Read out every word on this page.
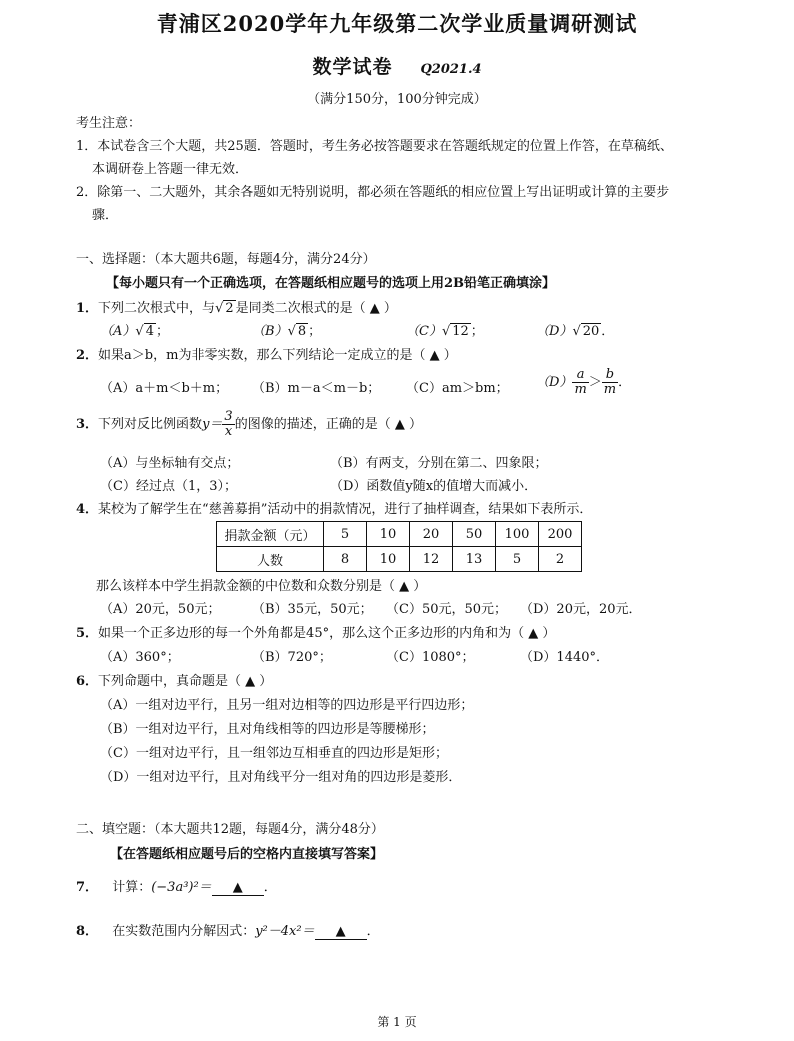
青浦区2020学年九年级第二次学业质量调研测试
数学试卷 Q2021.4
（满分150分，100分钟完成）
考生注意：
1．本试卷含三个大题，共25题．答题时，考生务必按答题要求在答题纸规定的位置上作答，在草稿纸、
本调研卷上答题一律无效．
2．除第一、二大题外，其余各题如无特别说明，都必须在答题纸的相应位置上写出证明或计算的主要步
骤．
一、选择题：（本大题共6题，每题4分，满分24分）
【每小题只有一个正确选项，在答题纸相应题号的选项上用2B铅笔正确填涂】
1．下列二次根式中，与√ 2 是同类二次根式的是（ ▲ ）
（A）√ 4 ；	（B）√ 8 ；	（C）√ 12 ；	（D）√ 20 ．
2．如果a＞b，m为非零实数，那么下列结论一定成立的是（ ▲ ）
（A）a＋m＜b＋m； （B）m－a＜m－b； （C）am＞bm； $(D) \frac{a}{m} > \frac{b}{m}$ ．
3．下列对反比例函数$y= \frac{3}{x}$ 的图像的描述，正确的是（ ▲ ）
（A）与坐标轴有交点；	（B）有两支，分别在第二、四象限；
（C）经过点（1，3）；	（D）函数值y随x的值增大而减小．
4．某校为了解学生在“慈善募捐”活动中的捐款情况，进行了抽样调查，结果如下表所示．
捐款金额（元）	5	10	20	50	100	200
人数	8	10	12	13	5	2
那么该样本中学生捐款金额的中位数和众数分别是（ ▲ ）
（A）20元，50元； （B）35元，50元； （C）50元，50元； （D）20元，20元．
5．如果一个正多边形的每一个外角都是45°，那么这个正多边形的内角和为（ ▲ ）
（A）360°；	（B）720°；	（C）1080°；	（D）1440°．
6．下列命题中，真命题是（ ▲ ）
（A）一组对边平行，且另一组对边相等的四边形是平行四边形；
（B）一组对边平行，且对角线相等的四边形是等腰梯形；
（C）一组对边平行，且一组邻边互相垂直的四边形是矩形；
（D）一组对边平行，且对角线平分一组对角的四边形是菱形．
二、填空题：（本大题共12题，每题4分，满分48分）
【在答题纸相应题号后的空格内直接填写答案】
7． 计算：(−3a³)²＝ ▲ ．
8． 在实数范围内分解因式：y²－4x²＝ ▲ ．
第 1 页
